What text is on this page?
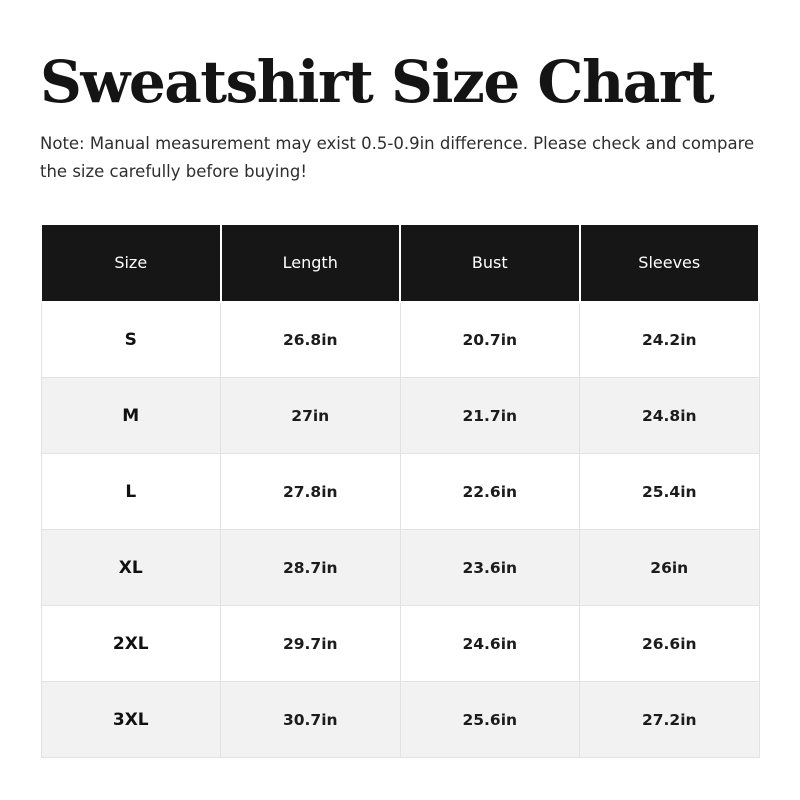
Sweatshirt Size Chart

Note: Manual measurement may exist 0.5-0.9in difference. Please check and compare the size carefully before buying!

Size	Length	Bust	Sleeves
S	26.8in	20.7in	24.2in
M	27in	21.7in	24.8in
L	27.8in	22.6in	25.4in
XL	28.7in	23.6in	26in
2XL	29.7in	24.6in	26.6in
3XL	30.7in	25.6in	27.2in
